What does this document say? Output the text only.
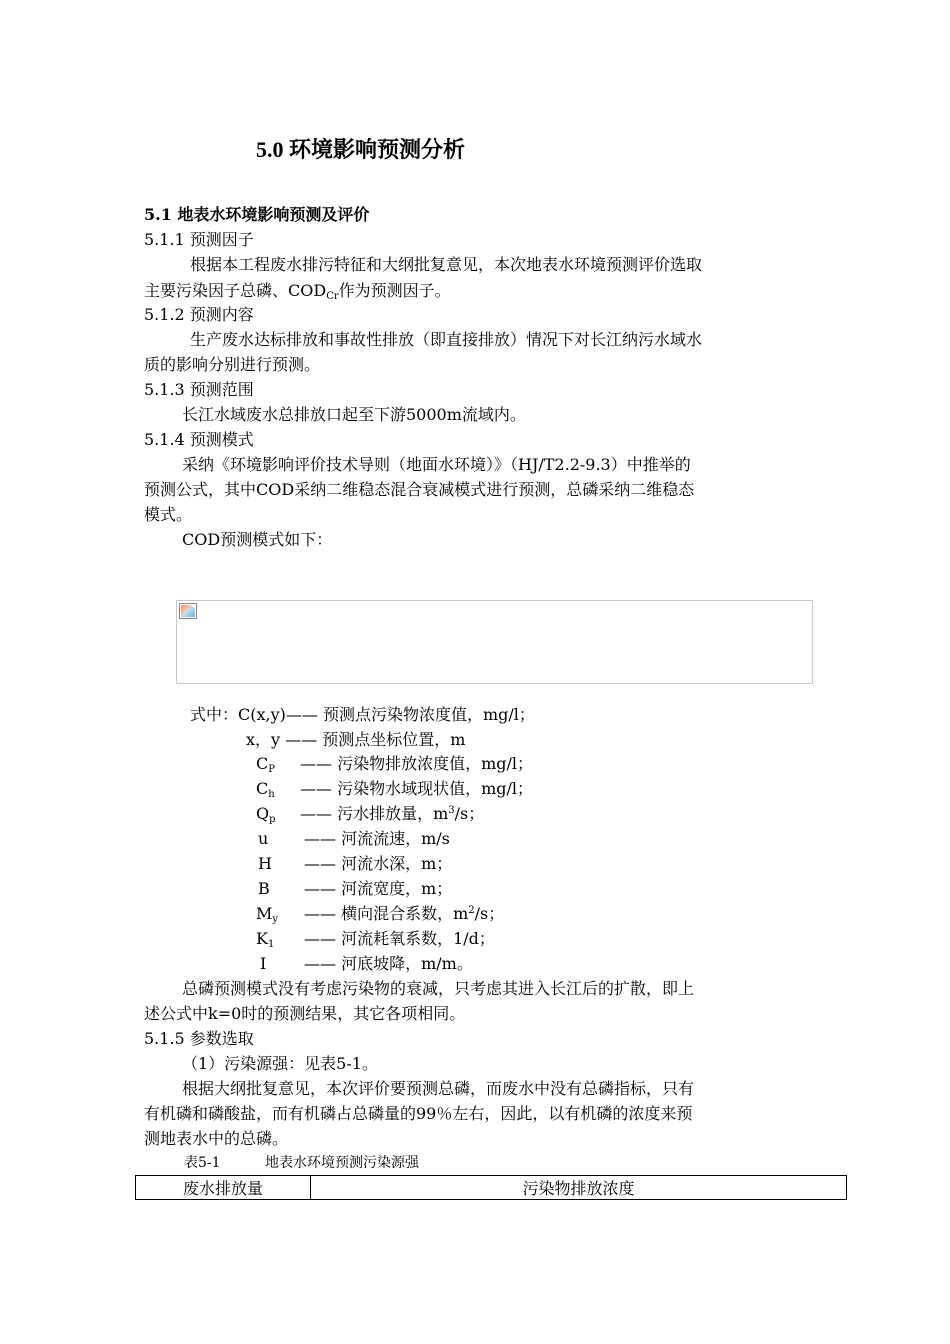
5.0 环境影响预测分析
5.1 地表水环境影响预测及评价
5.1.1 预测因子
根据本工程废水排污特征和大纲批复意见，本次地表水环境预测评价选取
主要污染因子总磷、CODCr作为预测因子。
5.1.2 预测内容
生产废水达标排放和事故性排放（即直接排放）情况下对长江纳污水域水
质的影响分别进行预测。
5.1.3 预测范围
长江水域废水总排放口起至下游5000m流域内。
5.1.4 预测模式
采纳《环境影响评价技术导则（地面水环境）》（HJ/T2.2-9.3）中推举的
预测公式，其中COD采纳二维稳态混合衰减模式进行预测，总磷采纳二维稳态
模式。
COD预测模式如下：
式中：C(x,y)—— 预测点污染物浓度值，mg/l；
x，y —— 预测点坐标位置，m
CP —— 污染物排放浓度值，mg/l；
Ch —— 污染物水域现状值，mg/l；
Qp —— 污水排放量，$m^3/s$；
u —— 河流流速，m/s
H —— 河流水深，m；
B —— 河流宽度，m；
My —— 横向混合系数，$m^2/s$；
K1 —— 河流耗氧系数，1/d；
I —— 河底坡降，m/m。
总磷预测模式没有考虑污染物的衰减，只考虑其进入长江后的扩散，即上
述公式中k=0时的预测结果，其它各项相同。
5.1.5 参数选取
（1）污染源强：见表5-1。
根据大纲批复意见，本次评价要预测总磷，而废水中没有总磷指标，只有
有机磷和磷酸盐，而有机磷占总磷量的99％左右，因此，以有机磷的浓度来预
测地表水中的总磷。
表5-1	地表水环境预测污染源强
废水排放量	污染物排放浓度
